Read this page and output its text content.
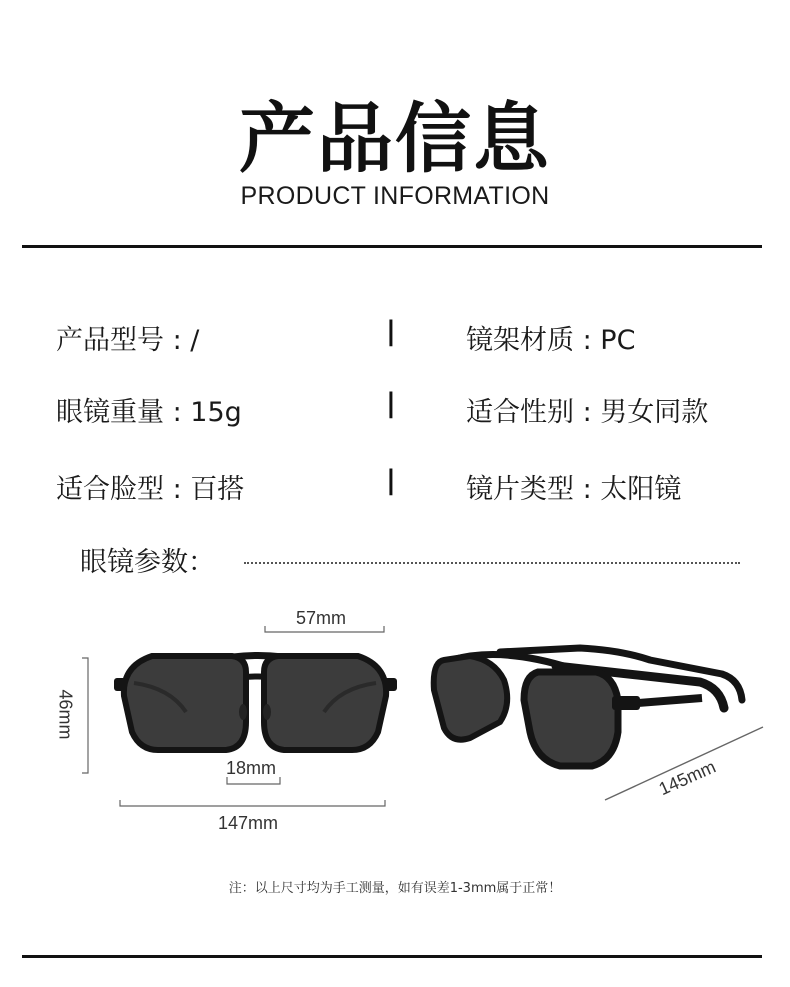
产品信息
PRODUCT INFORMATION
产品型号 : /	|	镜架材质 : PC
眼镜重量 : 15g	|	适合性别 : 男女同款
适合脸型 : 百搭	|	镜片类型 : 太阳镜
眼镜参数：
57mm
46mm
18mm
147mm
145mm
注：以上尺寸均为手工测量，如有误差1-3mm属于正常！
